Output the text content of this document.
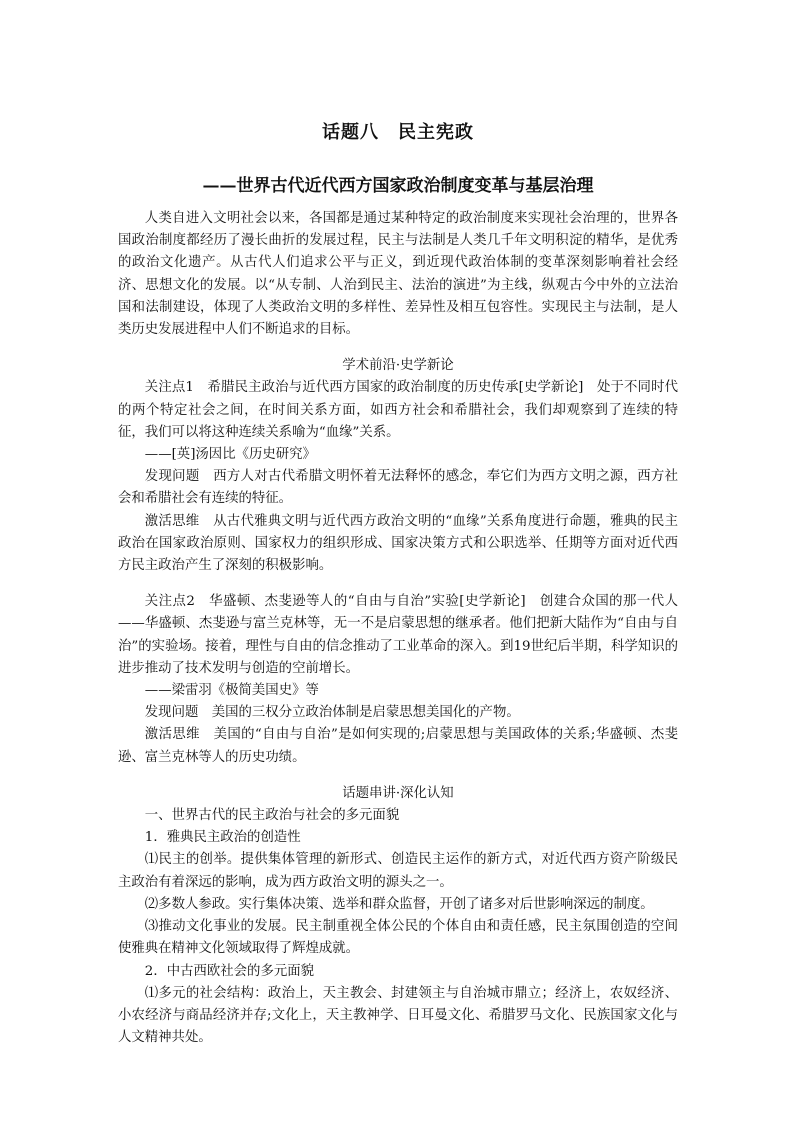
话题八　民主宪政
——世界古代近代西方国家政治制度变革与基层治理

人类自进入文明社会以来，各国都是通过某种特定的政治制度来实现社会治理的，世界各国政治制度都经历了漫长曲折的发展过程，民主与法制是人类几千年文明积淀的精华，是优秀的政治文化遗产。从古代人们追求公平与正义，到近现代政治体制的变革深刻影响着社会经济、思想文化的发展。以“从专制、人治到民主、法治的演进”为主线，纵观古今中外的立法治国和法制建设，体现了人类政治文明的多样性、差异性及相互包容性。实现民主与法制，是人类历史发展进程中人们不断追求的目标。

学术前沿·史学新论

关注点1　希腊民主政治与近代西方国家的政治制度的历史传承[史学新论]　处于不同时代的两个特定社会之间，在时间关系方面，如西方社会和希腊社会，我们却观察到了连续的特征，我们可以将这种连续关系喻为“血缘”关系。

——[英]汤因比《历史研究》

发现问题　西方人对古代希腊文明怀着无法释怀的感念，奉它们为西方文明之源，西方社会和希腊社会有连续的特征。

激活思维　从古代雅典文明与近代西方政治文明的“血缘”关系角度进行命题，雅典的民主政治在国家政治原则、国家权力的组织形成、国家决策方式和公职选举、任期等方面对近代西方民主政治产生了深刻的积极影响。

关注点2　华盛顿、杰斐逊等人的“自由与自治”实验[史学新论]　创建合众国的那一代人——华盛顿、杰斐逊与富兰克林等，无一不是启蒙思想的继承者。他们把新大陆作为“自由与自治”的实验场。接着，理性与自由的信念推动了工业革命的深入。到19世纪后半期，科学知识的进步推动了技术发明与创造的空前增长。

——梁雷羽《极简美国史》等

发现问题　美国的三权分立政治体制是启蒙思想美国化的产物。

激活思维　美国的“自由与自治”是如何实现的;启蒙思想与美国政体的关系;华盛顿、杰斐逊、富兰克林等人的历史功绩。

话题串讲·深化认知

一、世界古代的民主政治与社会的多元面貌

1．雅典民主政治的创造性

⑴民主的创举。提供集体管理的新形式、创造民主运作的新方式，对近代西方资产阶级民主政治有着深远的影响，成为西方政治文明的源头之一。

⑵多数人参政。实行集体决策、选举和群众监督，开创了诸多对后世影响深远的制度。

⑶推动文化事业的发展。民主制重视全体公民的个体自由和责任感，民主氛围创造的空间使雅典在精神文化领域取得了辉煌成就。

2．中古西欧社会的多元面貌

⑴多元的社会结构：政治上，天主教会、封建领主与自治城市鼎立；经济上，农奴经济、小农经济与商品经济并存;文化上，天主教神学、日耳曼文化、希腊罗马文化、民族国家文化与人文精神共处。
